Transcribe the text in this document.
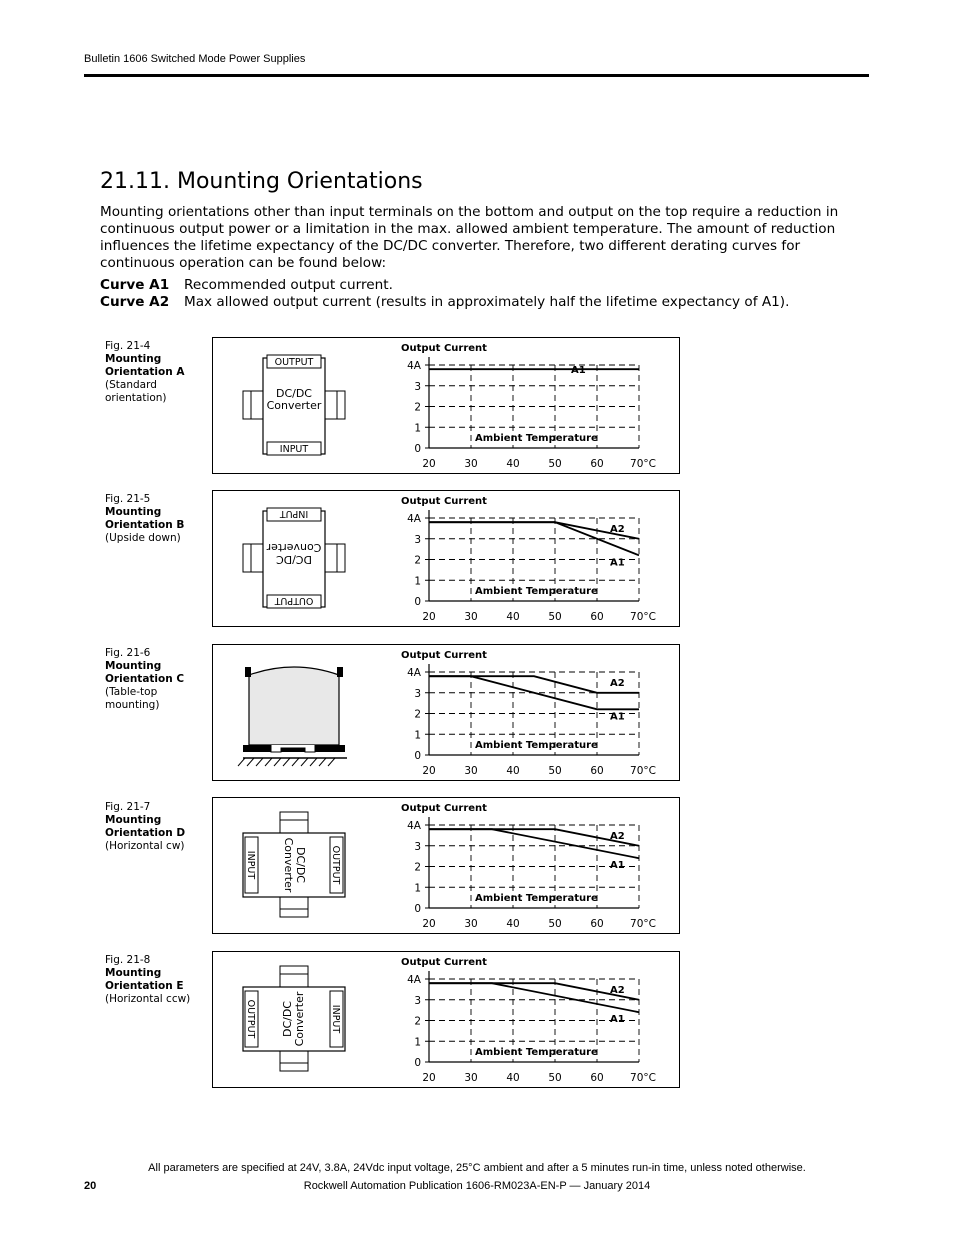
Bulletin 1606 Switched Mode Power Supplies
21.11. Mounting Orientations

Mounting orientations other than input terminals on the bottom and output on the top require a reduction in continuous output power or a limitation in the max. allowed ambient temperature. The amount of reduction influences the lifetime expectancy of the DC/DC converter. Therefore, two different derating curves for continuous operation can be found below:

Curve A1 Recommended output current.
Curve A2 Max allowed output current (results in approximately half the lifetime expectancy of A1).
Fig. 21-4
Mounting Orientation A
(Standard orientation)
OUTPUT
INPUT
DC/DC Converter
Output Current
0
1
2
3
4A
20	30	40	50	60	70°C
Ambient Temperature
A1
Fig. 21-5
Mounting Orientation B
(Upside down)
INPUT
OUTPUT
DC/DCConverter
Output Current
0
1
2
3
4A
20	30	40	50	60	70°C
Ambient Temperature
A2
A1
Fig. 21-6
Mounting Orientation C
(Table-top mounting)
Output Current
0
1
2
3
4A
20	30	40	50	60	70°C
Ambient Temperature
A2
A1
Fig. 21-7
Mounting Orientation D
(Horizontal cw)
INPUT	OUTPUT
DC/DCConverter
Output Current
0
1
2
3
4A
20	30	40	50	60	70°C
Ambient Temperature
A2
A1
Fig. 21-8
Mounting Orientation E
(Horizontal ccw)
OUTPUT	INPUT
DC/DCConverter
Output Current
0
1
2
3
4A
20	30	40	50	60	70°C
Ambient Temperature
A2
A1
All parameters are specified at 24V, 3.8A, 24Vdc input voltage, 25°C ambient and after a 5 minutes run-in time, unless noted otherwise.
20	Rockwell Automation Publication 1606-RM023A-EN-P — January 2014
